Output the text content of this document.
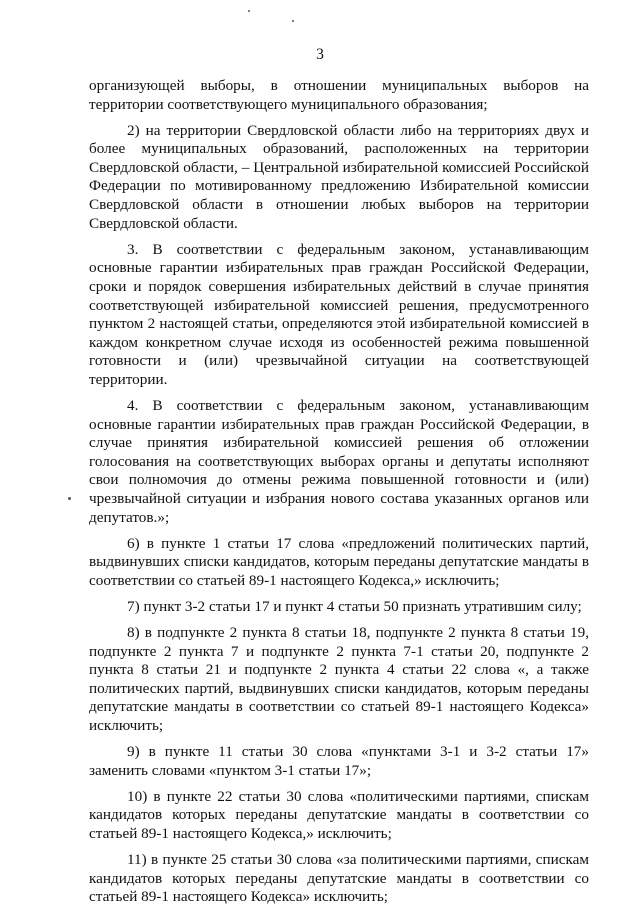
3

организующей выборы, в отношении муниципальных выборов на территории соответствующего муниципального образования;

2) на территории Свердловской области либо на территориях двух и более муниципальных образований, расположенных на территории Свердловской области, – Центральной избирательной комиссией Российской Федерации по мотивированному предложению Избирательной комиссии Свердловской области в отношении любых выборов на территории Свердловской области.

3. В соответствии с федеральным законом, устанавливающим основные гарантии избирательных прав граждан Российской Федерации, сроки и порядок совершения избирательных действий в случае принятия соответствующей избирательной комиссией решения, предусмотренного пунктом 2 настоящей статьи, определяются этой избирательной комиссией в каждом конкретном случае исходя из особенностей режима повышенной готовности и (или) чрезвычайной ситуации на соответствующей территории.

4. В соответствии с федеральным законом, устанавливающим основные гарантии избирательных прав граждан Российской Федерации, в случае принятия избирательной комиссией решения об отложении голосования на соответствующих выборах органы и депутаты исполняют свои полномочия до отмены режима повышенной готовности и (или) чрезвычайной ситуации и избрания нового состава указанных органов или депутатов.»;

6) в пункте 1 статьи 17 слова «предложений политических партий, выдвинувших списки кандидатов, которым переданы депутатские мандаты в соответствии со статьей 89-1 настоящего Кодекса,» исключить;

7) пункт 3-2 статьи 17 и пункт 4 статьи 50 признать утратившим силу;

8) в подпункте 2 пункта 8 статьи 18, подпункте 2 пункта 8 статьи 19, подпункте 2 пункта 7 и подпункте 2 пункта 7-1 статьи 20, подпункте 2 пункта 8 статьи 21 и подпункте 2 пункта 4 статьи 22 слова «, а также политических партий, выдвинувших списки кандидатов, которым переданы депутатские мандаты в соответствии со статьей 89-1 настоящего Кодекса» исключить;

9) в пункте 11 статьи 30 слова «пунктами 3-1 и 3-2 статьи 17» заменить словами «пунктом 3-1 статьи 17»;

10) в пункте 22 статьи 30 слова «политическими партиями, спискам кандидатов которых переданы депутатские мандаты в соответствии со статьей 89-1 настоящего Кодекса,» исключить;

11) в пункте 25 статьи 30 слова «за политическими партиями, спискам кандидатов которых переданы депутатские мандаты в соответствии со статьей 89-1 настоящего Кодекса» исключить;
